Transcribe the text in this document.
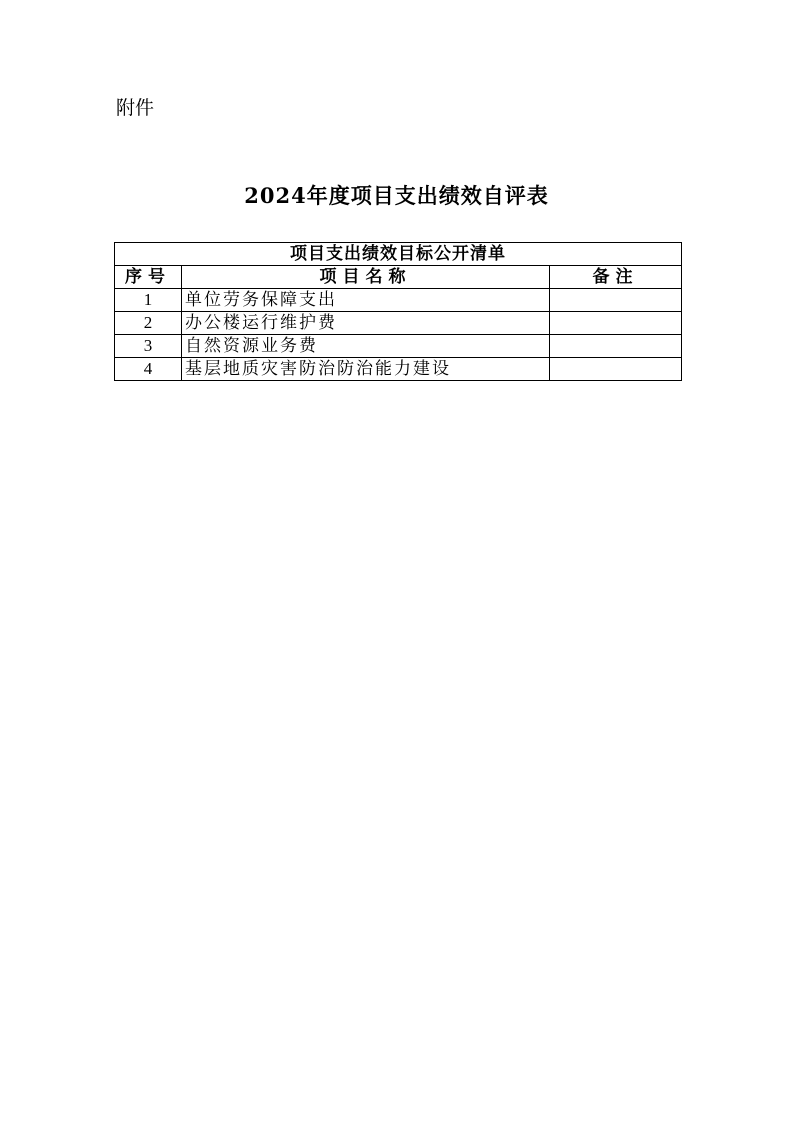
附件
2024年度项目支出绩效自评表
项目支出绩效目标公开清单		
序号	项目名称	备注
1	单位劳务保障支出	
2	办公楼运行维护费	
3	自然资源业务费	
4	基层地质灾害防治防治能力建设	
